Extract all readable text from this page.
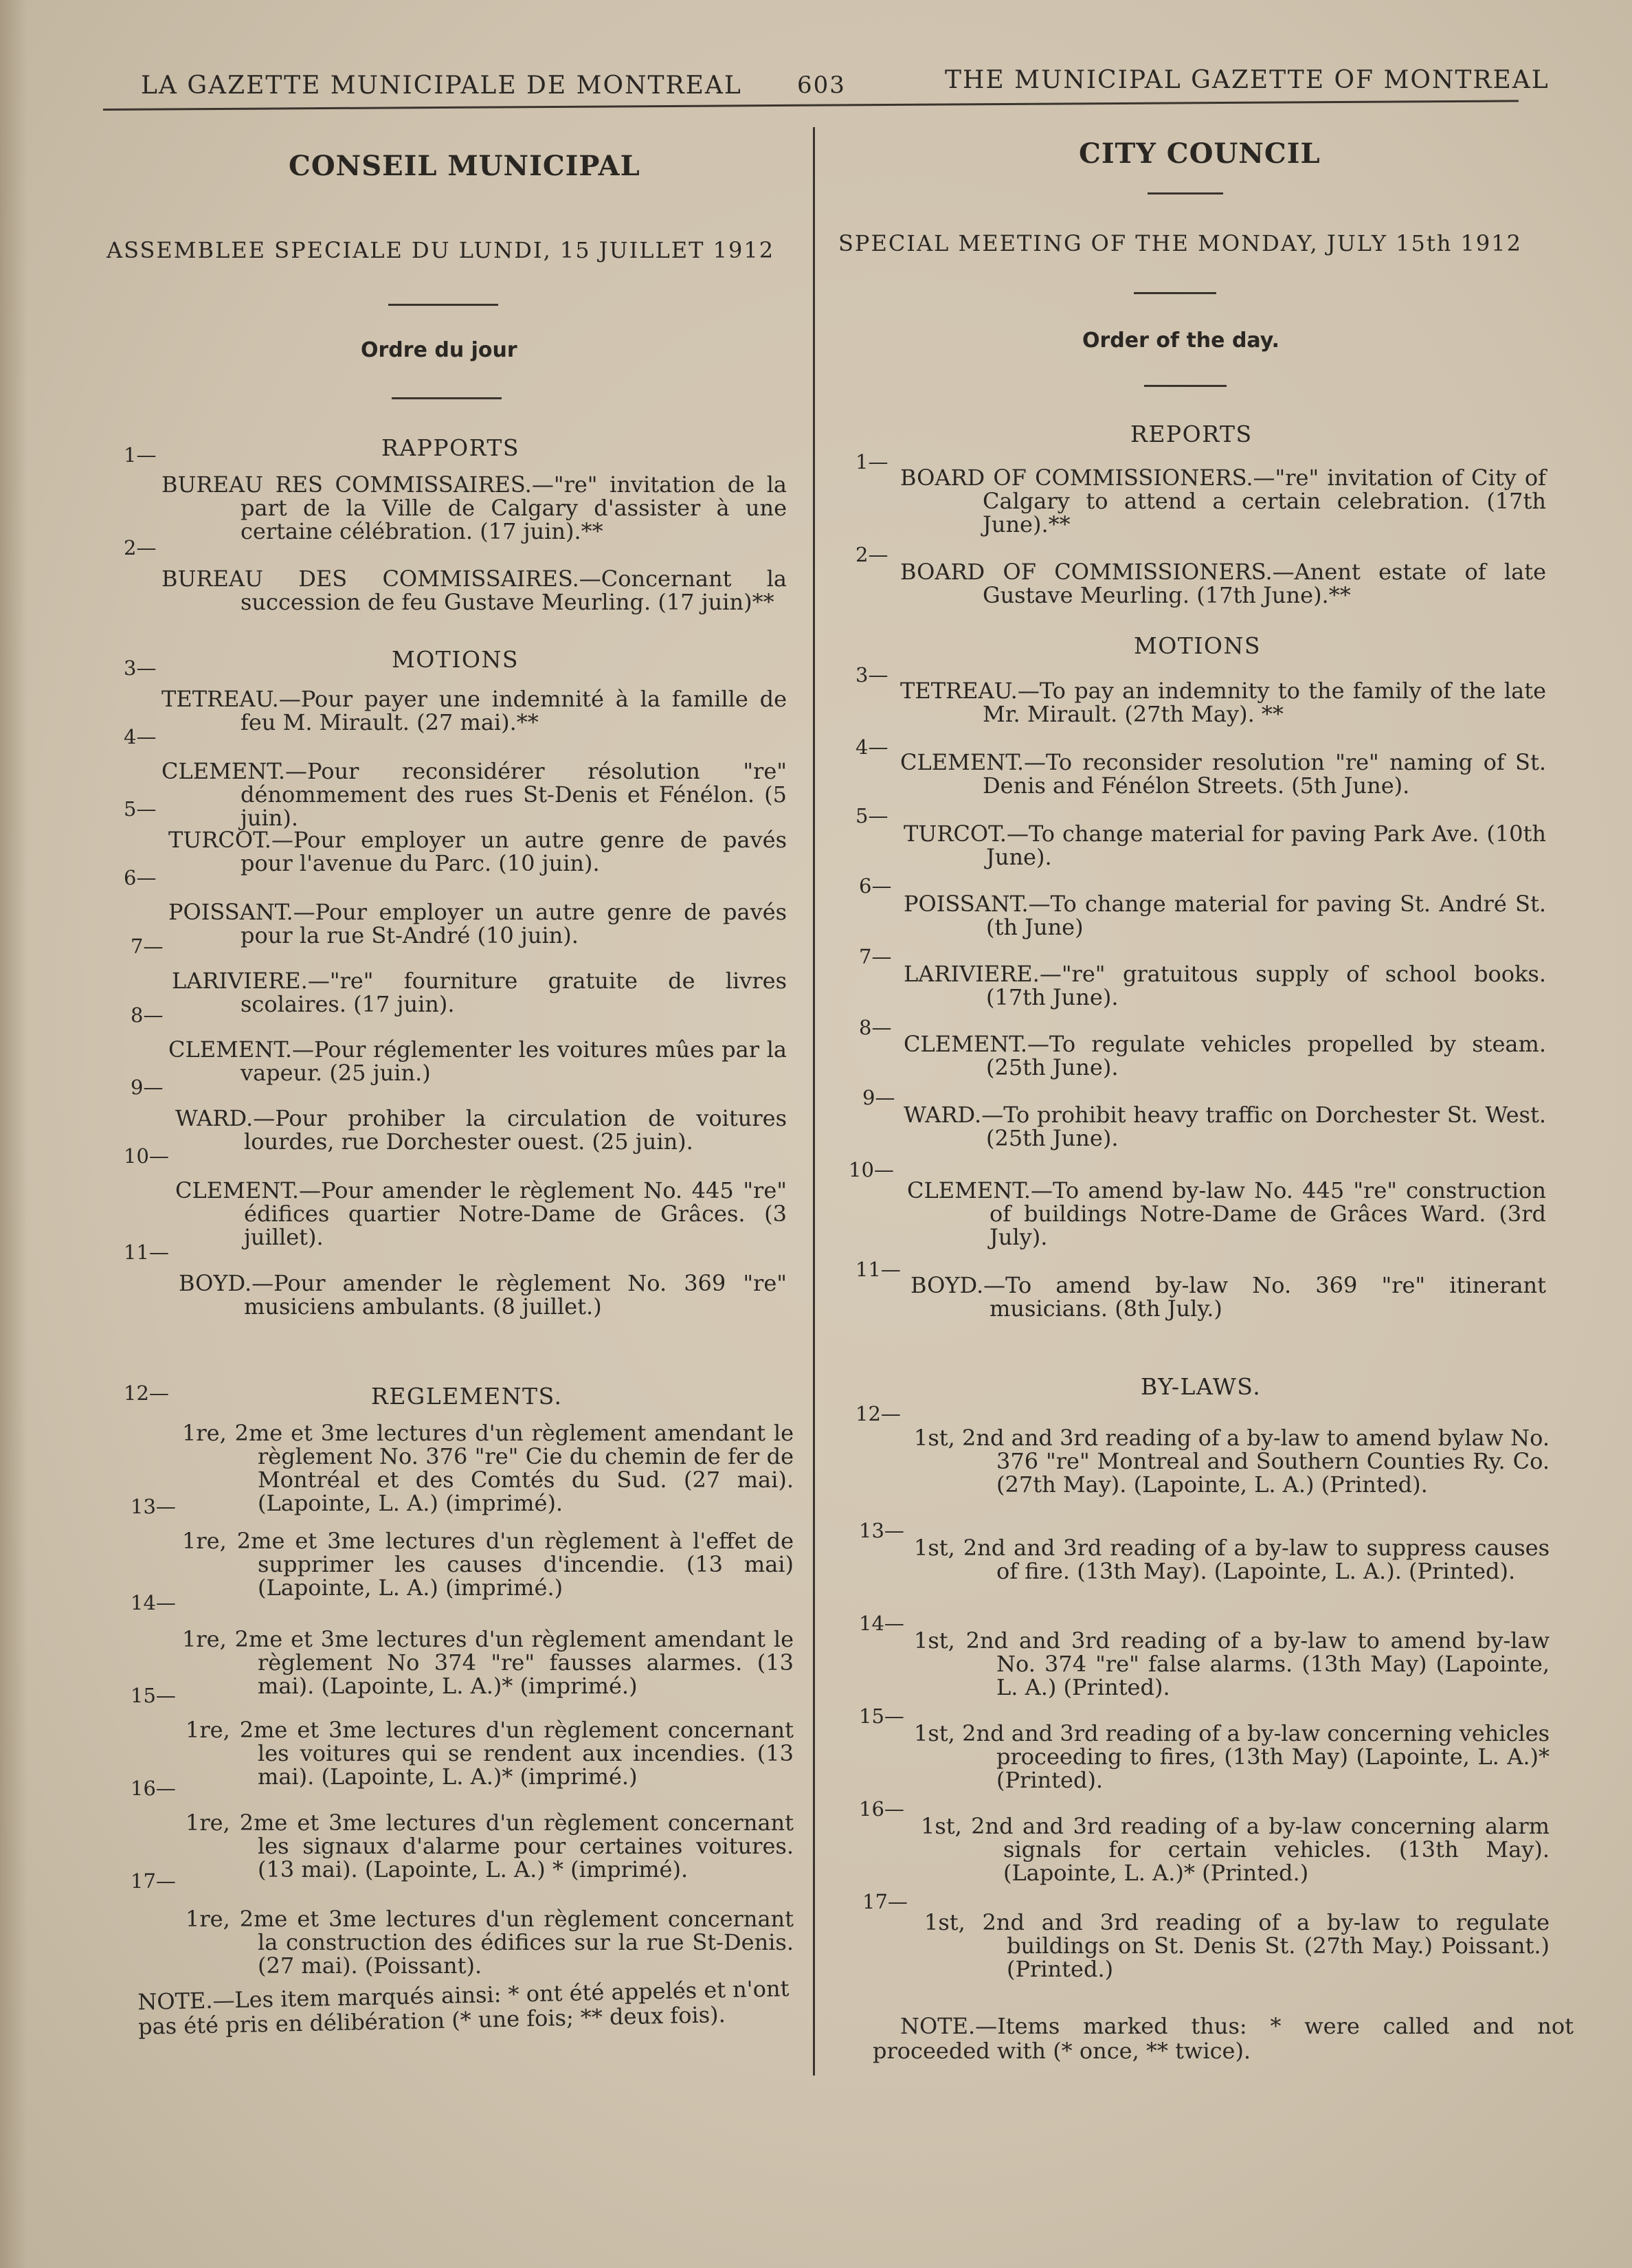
LA GAZETTE MUNICIPALE DE MONTREAL 603	THE MUNICIPAL GAZETTE OF MONTREAL
CONSEIL MUNICIPAL
ASSEMBLEE SPECIALE DU LUNDI, 15 JUILLET 1912
Ordre du jour
RAPPORTS
1—
BUREAU RES COMMISSAIRES.—"re" invitation de la part de la Ville de Calgary d'assister à une certaine célébration. (17 juin).**
2—
BUREAU DES COMMISSAIRES.—Concernant la succession de feu Gustave Meurling. (17 juin)**
MOTIONS
3—
TETREAU.—Pour payer une indemnité à la famille de feu M. Mirault. (27 mai).**
4—
CLEMENT.—Pour reconsidérer résolution "re" dénommement des rues St-Denis et Fénélon. (5 juin).
5—
TURCOT.—Pour employer un autre genre de pavés pour l'avenue du Parc. (10 juin).
6—
POISSANT.—Pour employer un autre genre de pavés pour la rue St-André (10 juin).
7—
LARIVIERE.—"re" fourniture gratuite de livres scolaires. (17 juin).
8—
CLEMENT.—Pour réglementer les voitures mûes par la vapeur. (25 juin.)
9—
WARD.—Pour prohiber la circulation de voitures lourdes, rue Dorchester ouest. (25 juin).
10—
CLEMENT.—Pour amender le règlement No. 445 "re" édifices quartier Notre-Dame de Grâces. (3 juillet).
11—
BOYD.—Pour amender le règlement No. 369 "re" musiciens ambulants. (8 juillet.)
12—	REGLEMENTS.
1re, 2me et 3me lectures d'un règlement amendant le règlement No. 376 "re" Cie du chemin de fer de Montréal et des Comtés du Sud. (27 mai). (Lapointe, L. A.) (imprimé).
13—
1re, 2me et 3me lectures d'un règlement à l'effet de supprimer les causes d'incendie. (13 mai) (Lapointe, L. A.) (imprimé.)
14—
1re, 2me et 3me lectures d'un règlement amendant le règlement No 374 "re" fausses alarmes. (13 mai). (Lapointe, L. A.)* (imprimé.)
15—
1re, 2me et 3me lectures d'un règlement concernant les voitures qui se rendent aux incendies. (13 mai). (Lapointe, L. A.)* (imprimé.)
16—
1re, 2me et 3me lectures d'un règlement concernant les signaux d'alarme pour certaines voitures. (13 mai). (Lapointe, L. A.) * (imprimé).
17—
1re, 2me et 3me lectures d'un règlement concernant la construction des édifices sur la rue St-Denis. (27 mai). (Poissant).
NOTE.—Les item marqués ainsi: * ont été appelés et n'ont pas été pris en délibération (* une fois; ** deux fois).
CITY COUNCIL
SPECIAL MEETING OF THE MONDAY, JULY 15th 1912
Order of the day.
REPORTS
1—
BOARD OF COMMISSIONERS.—"re" invitation of City of Calgary to attend a certain celebration. (17th June).**
2—
BOARD OF COMMISSIONERS.—Anent estate of late Gustave Meurling. (17th June).**
MOTIONS
3—
TETREAU.—To pay an indemnity to the family of the late Mr. Mirault. (27th May). **
4—
CLEMENT.—To reconsider resolution "re" naming of St. Denis and Fénélon Streets. (5th June).
5—
TURCOT.—To change material for paving Park Ave. (10th June).
6—
POISSANT.—To change material for paving St. André St. (th June)
7—
LARIVIERE.—"re" gratuitous supply of school books. (17th June).
8—
CLEMENT.—To regulate vehicles propelled by steam. (25th June).
9—
WARD.—To prohibit heavy traffic on Dorchester St. West. (25th June).
10—
CLEMENT.—To amend by-law No. 445 "re" construction of buildings Notre-Dame de Grâces Ward. (3rd July).
11—
BOYD.—To amend by-law No. 369 "re" itinerant musicians. (8th July.)
BY-LAWS.
12—
1st, 2nd and 3rd reading of a by-law to amend bylaw No. 376 "re" Montreal and Southern Counties Ry. Co. (27th May). (Lapointe, L. A.) (Printed).
13—
1st, 2nd and 3rd reading of a by-law to suppress causes of fire. (13th May). (Lapointe, L. A.). (Printed).
14—
1st, 2nd and 3rd reading of a by-law to amend by-law No. 374 "re" false alarms. (13th May) (Lapointe, L. A.) (Printed).
15—
1st, 2nd and 3rd reading of a by-law concerning vehicles proceeding to fires, (13th May) (Lapointe, L. A.)* (Printed).
16—
1st, 2nd and 3rd reading of a by-law concerning alarm signals for certain vehicles. (13th May). (Lapointe, L. A.)* (Printed.)
17—
1st, 2nd and 3rd reading of a by-law to regulate buildings on St. Denis St. (27th May.) Poissant.) (Printed.)
NOTE.—Items marked thus: * were called and not proceeded with (* once, ** twice).
